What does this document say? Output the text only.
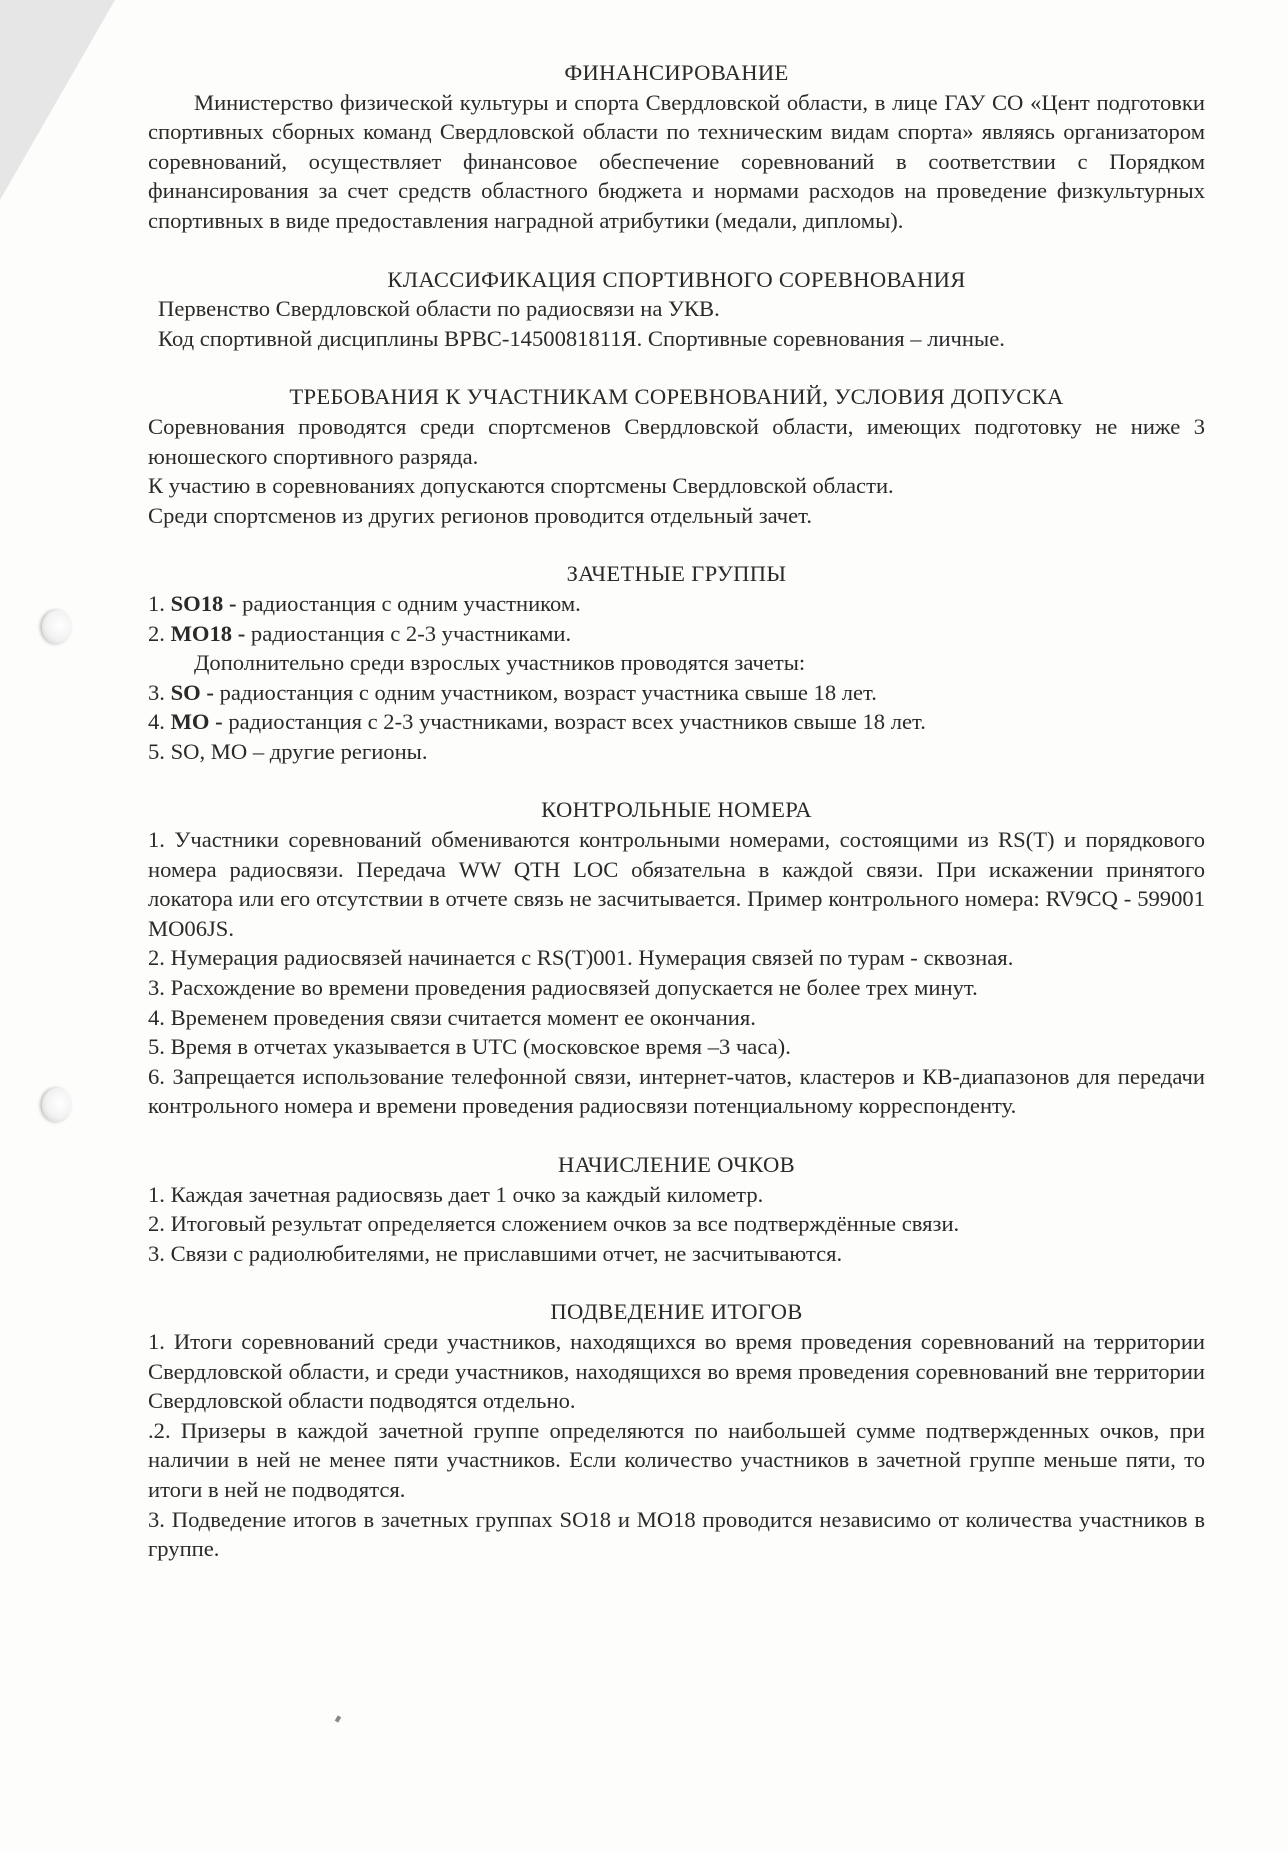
ФИНАНСИРОВАНИЕ

Министерство физической культуры и спорта Свердловской области, в лице ГАУ СО «Цент подготовки спортивных сборных команд Свердловской области по техническим видам спорта» являясь организатором соревнований, осуществляет финансовое обеспечение соревнований в соответствии с Порядком финансирования за счет средств областного бюджета и нормами расходов на проведение физкультурных спортивных в виде предоставления наградной атрибутики (медали, дипломы).

КЛАССИФИКАЦИЯ СПОРТИВНОГО СОРЕВНОВАНИЯ

Первенство Свердловской области по радиосвязи на УКВ.

Код спортивной дисциплины ВРВС-1450081811Я. Спортивные соревнования – личные.

ТРЕБОВАНИЯ К УЧАСТНИКАМ СОРЕВНОВАНИЙ, УСЛОВИЯ ДОПУСКА

Соревнования проводятся среди спортсменов Свердловской области, имеющих подготовку не ниже 3 юношеского спортивного разряда.

К участию в соревнованиях допускаются спортсмены Свердловской области.

Среди спортсменов из других регионов проводится отдельный зачет.

ЗАЧЕТНЫЕ ГРУППЫ

1. SO18 - радиостанция с одним участником.

2. MO18 - радиостанция с 2-3 участниками.

Дополнительно среди взрослых участников проводятся зачеты:

3. SO - радиостанция с одним участником, возраст участника свыше 18 лет.

4. MO - радиостанция с 2-3 участниками, возраст всех участников свыше 18 лет.

5. SO, MO – другие регионы.

КОНТРОЛЬНЫЕ НОМЕРА

1. Участники соревнований обмениваются контрольными номерами, состоящими из RS(T) и порядкового номера радиосвязи. Передача WW QTH LOC обязательна в каждой связи. При искажении принятого локатора или его отсутствии в отчете связь не засчитывается. Пример контрольного номера: RV9CQ - 599001 MO06JS.

2. Нумерация радиосвязей начинается с RS(T)001. Нумерация связей по турам - сквозная.

3. Расхождение во времени проведения радиосвязей допускается не более трех минут.

4. Временем проведения связи считается момент ее окончания.

5. Время в отчетах указывается в UTC (московское время –3 часа).

6. Запрещается использование телефонной связи, интернет-чатов, кластеров и КВ-диапазонов для передачи контрольного номера и времени проведения радиосвязи потенциальному корреспонденту.

НАЧИСЛЕНИЕ ОЧКОВ

1. Каждая зачетная радиосвязь дает 1 очко за каждый километр.

2. Итоговый результат определяется сложением очков за все подтверждённые связи.

3. Связи с радиолюбителями, не приславшими отчет, не засчитываются.

ПОДВЕДЕНИЕ ИТОГОВ

1. Итоги соревнований среди участников, находящихся во время проведения соревнований на территории Свердловской области, и среди участников, находящихся во время проведения соревнований вне территории Свердловской области подводятся отдельно.

.2. Призеры в каждой зачетной группе определяются по наибольшей сумме подтвержденных очков, при наличии в ней не менее пяти участников. Если количество участников в зачетной группе меньше пяти, то итоги в ней не подводятся.

3. Подведение итогов в зачетных группах SO18 и MO18 проводится независимо от количества участников в группе.
